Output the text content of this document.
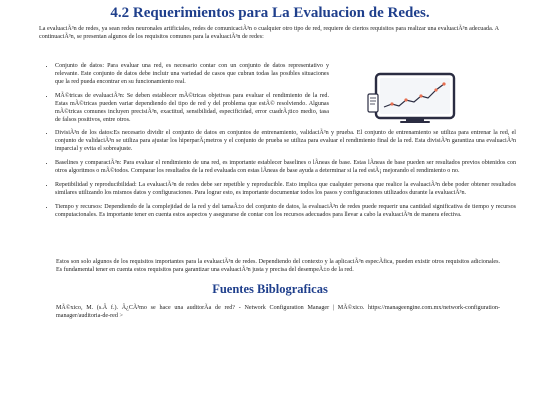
4.2 Requerimientos para La Evaluacion de Redes.

La evaluaciÃ³n de redes, ya sean redes neuronales artificiales, redes de comunicaciÃ³n o cualquier otro tipo de red, requiere de ciertos requisitos para realizar una evaluaciÃ³n adecuada. A continuaciÃ³n, se presentan algunos de los requisitos comunes para la evaluaciÃ³n de redes:

• Conjunto de datos: Para evaluar una red, es necesario contar con un conjunto de datos representativo y relevante. Este conjunto de datos debe incluir una variedad de casos que cubran todas las posibles situaciones que la red pueda encontrar en su funcionamiento real.
• MÃ©tricas de evaluaciÃ³n: Se deben establecer mÃ©tricas objetivas para evaluar el rendimiento de la red. Estas mÃ©tricas pueden variar dependiendo del tipo de red y del problema que estÃ© resolviendo. Algunas mÃ©tricas comunes incluyen precisiÃ³n, exactitud, sensibilidad, especificidad, error cuadrÃ¡tico medio, tasa de falsos positivos, entre otros.
• DivisiÃ³n de los datos:Es necesario dividir el conjunto de datos en conjuntos de entrenamiento, validaciÃ³n y prueba. El conjunto de entrenamiento se utiliza para entrenar la red, el conjunto de validaciÃ³n se utiliza para ajustar los hiperparÃ¡metros y el conjunto de prueba se utiliza para evaluar el rendimiento final de la red. Esta divisiÃ³n garantiza una evaluaciÃ³n imparcial y evita el sobreajuste.
• Baselines y comparaciÃ³n: Para evaluar el rendimiento de una red, es importante establecer baselines o lÃneas de base. Estas lÃneas de base pueden ser resultados previos obtenidos con otros algoritmos o mÃ©todos. Comparar los resultados de la red evaluada con estas lÃneas de base ayuda a determinar si la red estÃ¡ mejorando el rendimiento o no.
• Repetibilidad y reproducibilidad: La evaluaciÃ³n de redes debe ser repetible y reproducible. Esto implica que cualquier persona que realice la evaluaciÃ³n debe poder obtener resultados similares utilizando los mismos datos y configuraciones. Para lograr esto, es importante documentar todos los pasos y configuraciones utilizados durante la evaluaciÃ³n.
• Tiempo y recursos: Dependiendo de la complejidad de la red y del tamaÃ±o del conjunto de datos, la evaluaciÃ³n de redes puede requerir una cantidad significativa de tiempo y recursos computacionales. Es importante tener en cuenta estos aspectos y asegurarse de contar con los recursos adecuados para llevar a cabo la evaluaciÃ³n de manera efectiva.

Estos son solo algunos de los requisitos importantes para la evaluaciÃ³n de redes. Dependiendo del contexto y la aplicaciÃ³n especÃfica, pueden existir otros requisitos adicionales. Es fundamental tener en cuenta estos requisitos para garantizar una evaluaciÃ³n justa y precisa del desempeÃ±o de la red.

Fuentes Biblograficas

MÃ©xico, M. (s.Â f.). Â¿CÃ³mo se hace una auditorÃa de red? - Network Configuration Manager | MÃ©xico. https://manageengine.com.mx/network-configuration-manager/auditoria-de-red >
